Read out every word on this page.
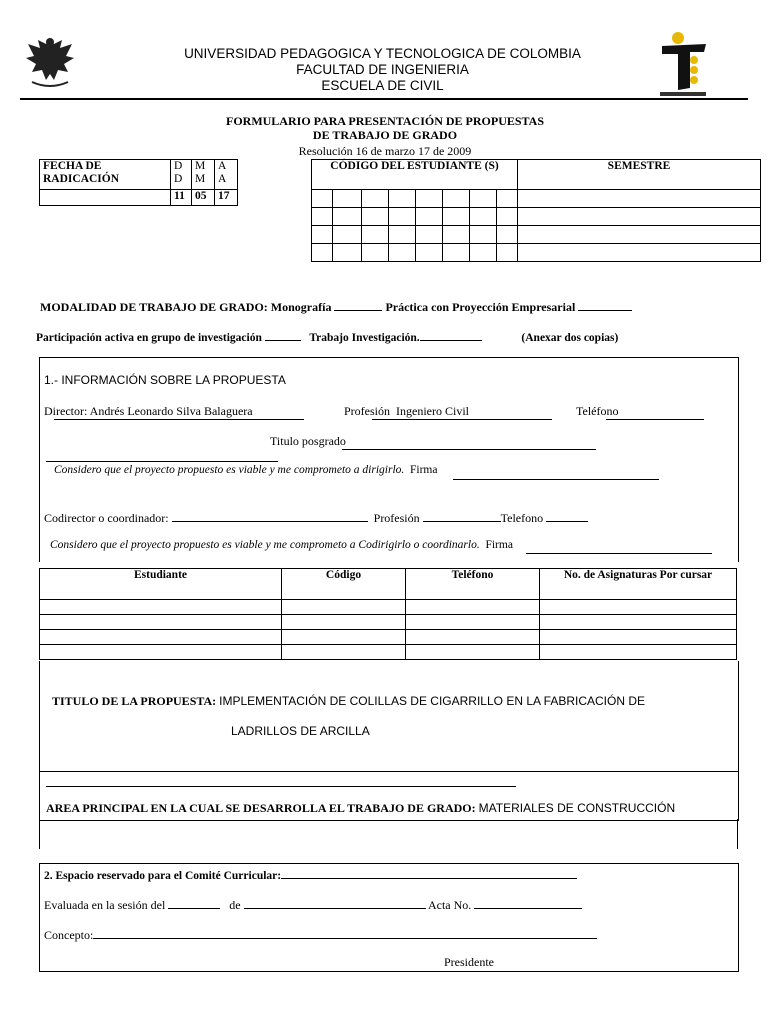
UNIVERSIDAD PEDAGOGICA Y TECNOLOGICA DE COLOMBIA
FACULTAD DE INGENIERIA
ESCUELA DE CIVIL
FORMULARIO PARA PRESENTACIÓN DE PROPUESTAS
DE TRABAJO DE GRADO
Resolución 16 de marzo 17 de 2009
FECHA DE RADICACIÓN	D D	M M	A A
	11	05	17
CÓDIGO DEL ESTUDIANTE (S)								SEMESTRE

MODALIDAD DE TRABAJO DE GRADO: Monografía	Práctica con Proyección Empresarial
Participación activa en grupo de investigación	Trabajo Investigación.	(Anexar dos copias)
1.- INFORMACIÓN SOBRE LA PROPUESTA
Director: Andrés Leonardo Silva Balaguera	Profesión Ingeniero Civil	Teléfono
Titulo posgrado
Considero que el proyecto propuesto es viable y me comprometo a dirigirlo. Firma
Codirector o coordinador:	Profesión	Telefono
Considero que el proyecto propuesto es viable y me comprometo a Codirigirlo o coordinarlo. Firma
Estudiante	Código	Teléfono	No. de Asignaturas Por cursar

TITULO DE LA PROPUESTA: IMPLEMENTACIÓN DE COLILLAS DE CIGARRILLO EN LA FABRICACIÓN DE
LADRILLOS DE ARCILLA
AREA PRINCIPAL EN LA CUAL SE DESARROLLA EL TRABAJO DE GRADO: MATERIALES DE CONSTRUCCIÓN
2. Espacio reservado para el Comité Curricular:
Evaluada en la sesión del	de	Acta No.
Concepto:
Presidente
